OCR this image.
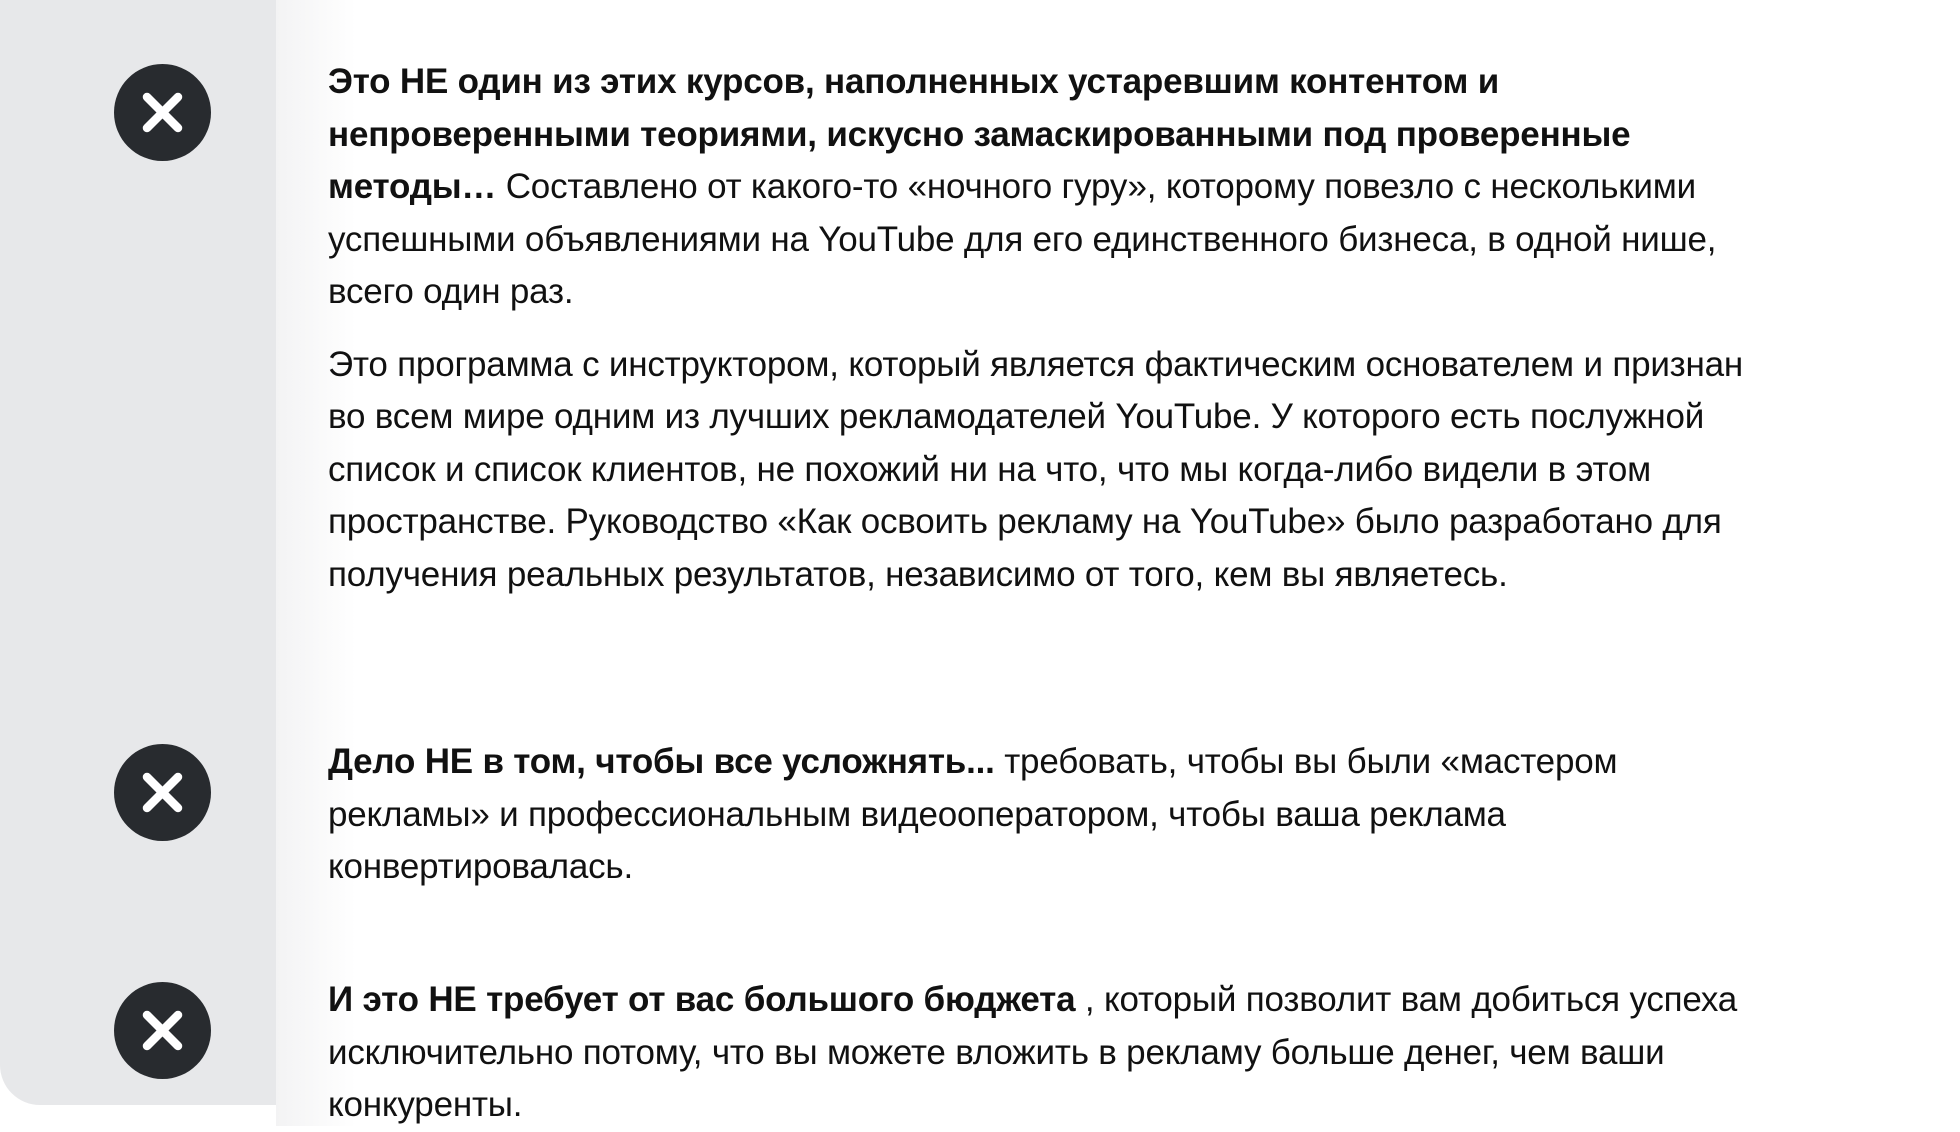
Это НЕ один из этих курсов, наполненных устаревшим контентом и непроверенными теориями, искусно замаскированными под проверенные методы… Составлено от какого-то «ночного гуру», которому повезло с несколькими успешными объявлениями на YouTube для его единственного бизнеса, в одной нише, всего один раз.

Это программа с инструктором, который является фактическим основателем и признан во всем мире одним из лучших рекламодателей YouTube. У которого есть послужной список и список клиентов, не похожий ни на что, что мы когда-либо видели в этом пространстве. Руководство «Как освоить рекламу на YouTube» было разработано для получения реальных результатов, независимо от того, кем вы являетесь.

Дело НЕ в том, чтобы все усложнять... требовать, чтобы вы были «мастером рекламы» и профессиональным видеооператором, чтобы ваша реклама конвертировалась.

И это НЕ требует от вас большого бюджета , который позволит вам добиться успеха исключительно потому, что вы можете вложить в рекламу больше денег, чем ваши конкуренты.
